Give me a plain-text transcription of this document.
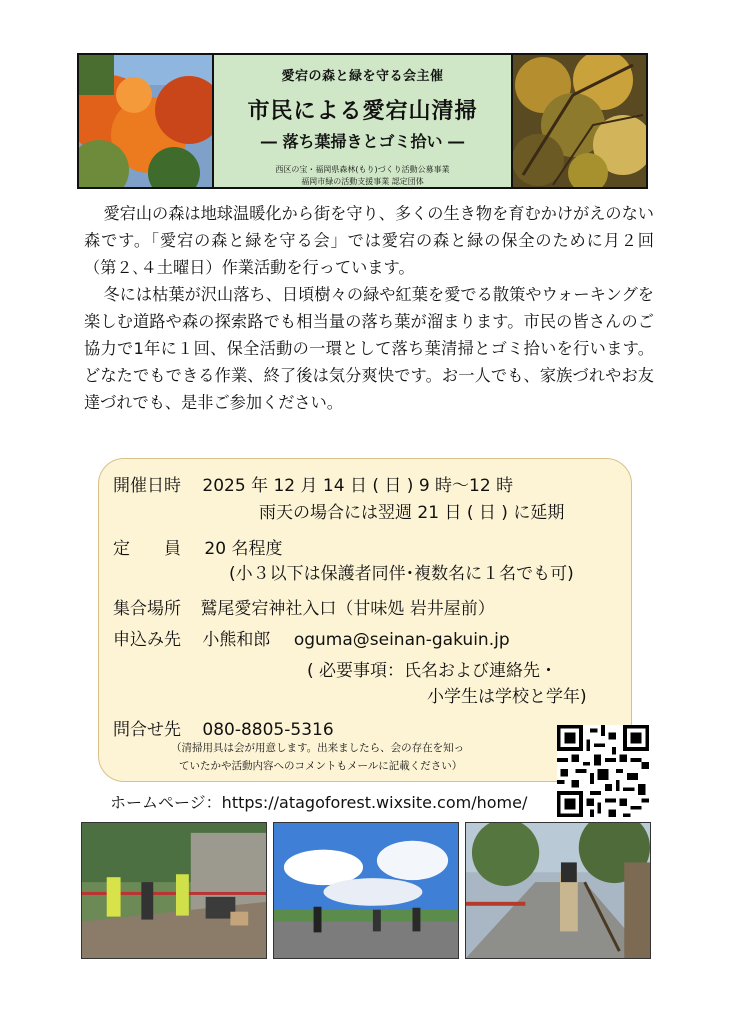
愛宕の森と緑を守る会主催
市民による愛宕山清掃
― 落ち葉掃きとゴミ拾い ―
西区の宝・福岡県森林(もり)づくり活動公募事業
福岡市緑の活動支援事業 認定団体

愛宕山の森は地球温暖化から街を守り、多くの生き物を育むかけがえのない森です。「愛宕の森と緑を守る会」では愛宕の森と緑の保全のために月２回（第２､４土曜日）作業活動を行っています。

冬には枯葉が沢山落ち、日頃樹々の緑や紅葉を愛でる散策やウォーキングを楽しむ道路や森の探索路でも相当量の落ち葉が溜まります。市民の皆さんのご協力で1年に１回、保全活動の一環として落ち葉清掃とゴミ拾いを行います。どなたでもできる作業、終了後は気分爽快です。お一人でも、家族づれやお友達づれでも、是非ご参加ください。

開催日時 2025 年 12 月 14 日 ( 日 ) 9 時～12 時
雨天の場合には翌週 21 日 ( 日 ) に延期
定　　員 20 名程度
(小３以下は保護者同伴･複数名に１名でも可)
集合場所 鷲尾愛宕神社入口（甘味処 岩井屋前）
申込み先 小熊和郎 oguma@seinan-gakuin.jp
( 必要事項：氏名および連絡先・
小学生は学校と学年)
問合せ先 080-8805-5316
（清掃用具は会が用意します。出来ましたら、会の存在を知っ
ていたかや活動内容へのコメントもメールに記載ください）
ホームページ：https://atagoforest.wixsite.com/home/
